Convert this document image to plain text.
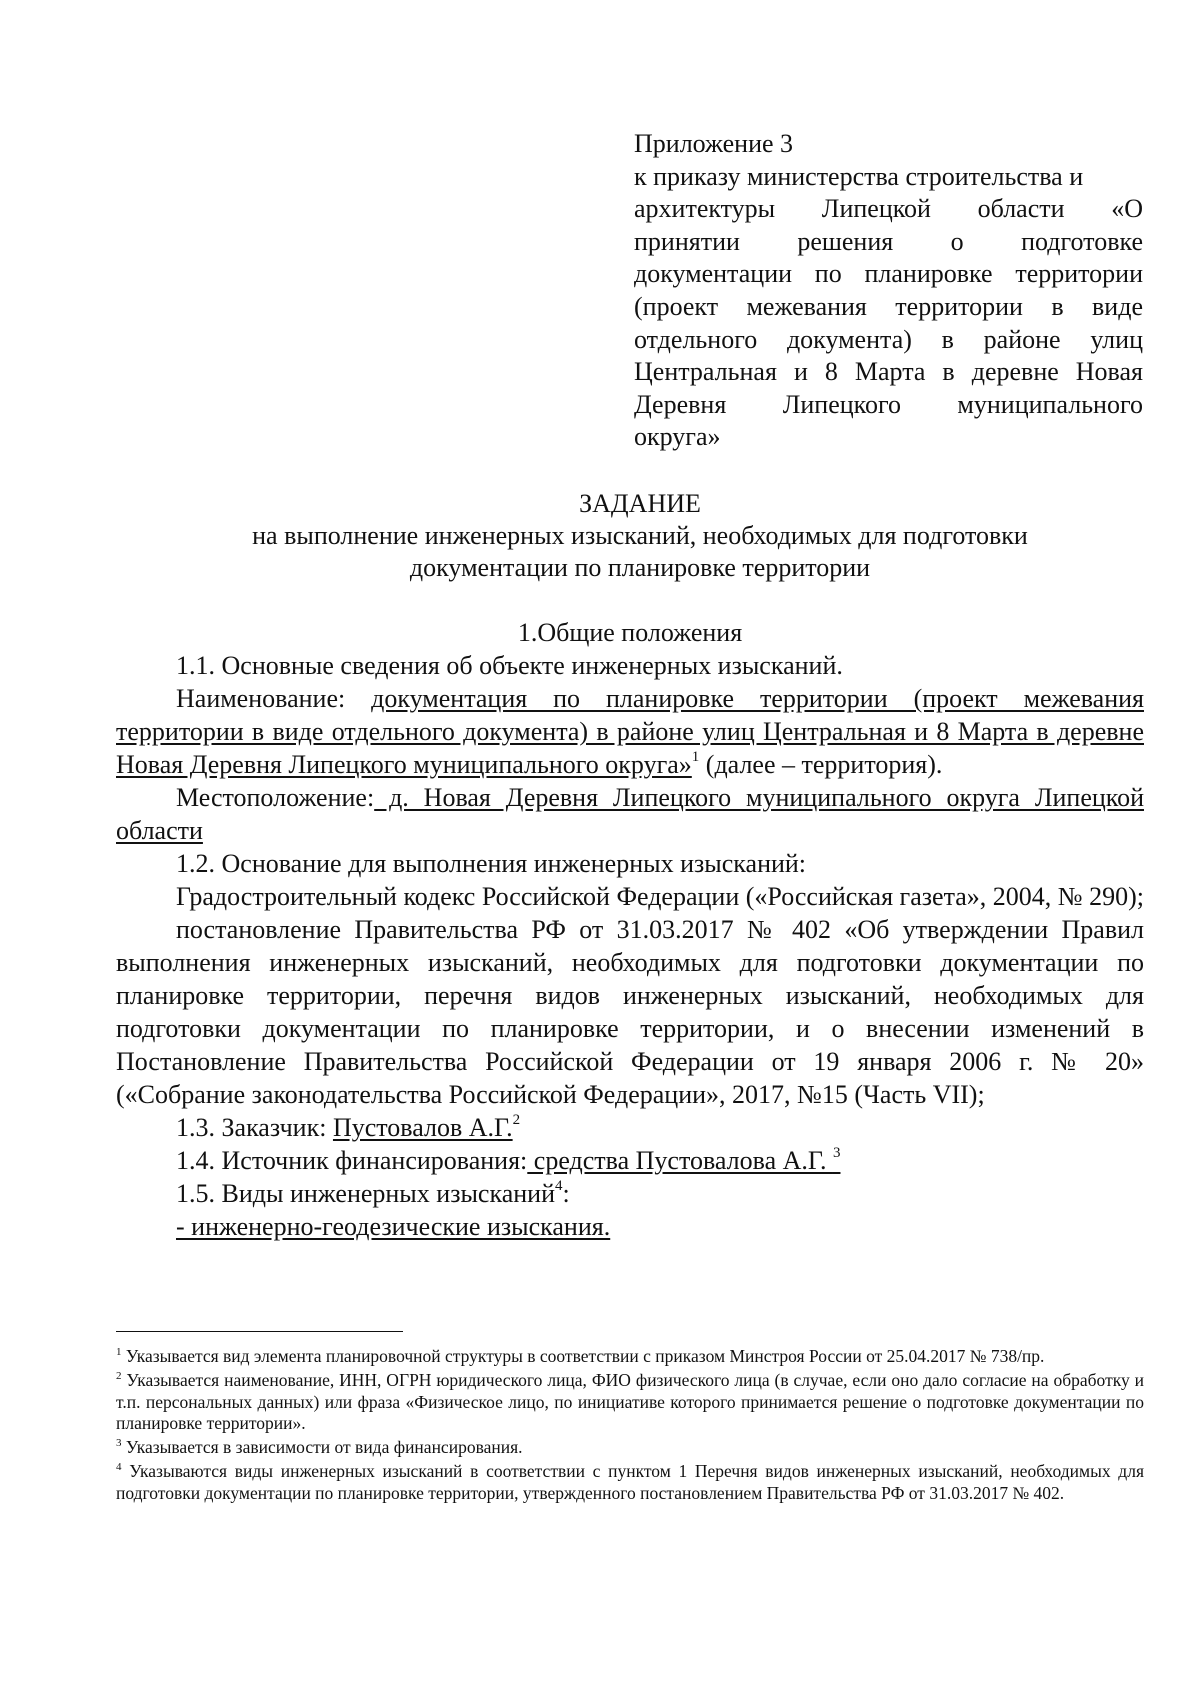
Приложение 3
к приказу министерства строительства и
архитектуры Липецкой области «О
принятии решения о подготовке
документации по планировке территории
(проект межевания территории в виде
отдельного документа) в районе улиц
Центральная и 8 Марта в деревне Новая
Деревня Липецкого муниципального
округа»
ЗАДАНИЕ
на выполнение инженерных изысканий, необходимых для подготовки
документации по планировке территории

1.Общие положения

1.1. Основные сведения об объекте инженерных изысканий.

Наименование: документация по планировке территории (проект межевания территории в виде отдельного документа) в районе улиц Центральная и 8 Марта в деревне Новая Деревня Липецкого муниципального округа»$^1$ (далее – территория).

Местоположение: д. Новая Деревня Липецкого муниципального округа Липецкой области

1.2. Основание для выполнения инженерных изысканий:

Градостроительный кодекс Российской Федерации («Российская газета», 2004, № 290);

постановление Правительства РФ от 31.03.2017 № 402 «Об утверждении Правил выполнения инженерных изысканий, необходимых для подготовки документации по планировке территории, перечня видов инженерных изысканий, необходимых для подготовки документации по планировке территории, и о внесении изменений в Постановление Правительства Российской Федерации от 19 января 2006 г. № 20» («Собрание законодательства Российской Федерации», 2017, №15 (Часть VII);

1.3. Заказчик: Пустовалов А.Г.$^2$

1.4. Источник финансирования: средства Пустовалова А.Г. $^3$

1.5. Виды инженерных изысканий$^4$:

- инженерно-геодезические изыскания.

$^1$ Указывается вид элемента планировочной структуры в соответствии с приказом Минстроя России от 25.04.2017 № 738/пр.

$^2$ Указывается наименование, ИНН, ОГРН юридического лица, ФИО физического лица (в случае, если оно дало согласие на обработку и т.п. персональных данных) или фраза «Физическое лицо, по инициативе которого принимается решение о подготовке документации по планировке территории».

$^3$ Указывается в зависимости от вида финансирования.

$^4$ Указываются виды инженерных изысканий в соответствии с пунктом 1 Перечня видов инженерных изысканий, необходимых для подготовки документации по планировке территории, утвержденного постановлением Правительства РФ от 31.03.2017 № 402.
